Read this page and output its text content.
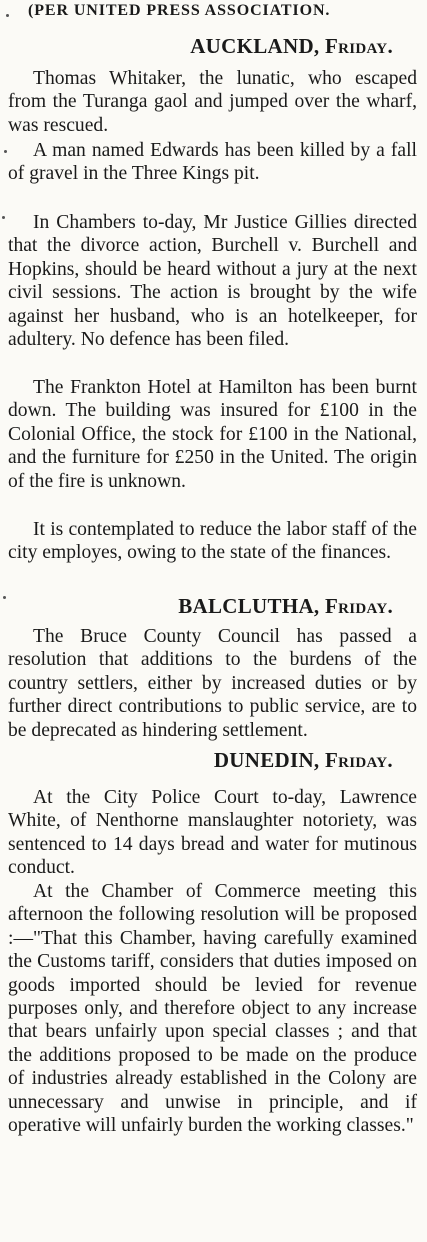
(PER UNITED PRESS ASSOCIATION.
AUCKLAND, Friday.

Thomas Whitaker, the lunatic, who escaped from the Turanga gaol and jumped over the wharf, was rescued.

A man named Edwards has been killed by a fall of gravel in the Three Kings pit.

In Chambers to-day, Mr Justice Gillies directed that the divorce action, Burchell v. Burchell and Hopkins, should be heard without a jury at the next civil sessions. The action is brought by the wife against her husband, who is an hotelkeeper, for adultery. No defence has been filed.

The Frankton Hotel at Hamilton has been burnt down. The building was insured for £100 in the Colonial Office, the stock for £100 in the National, and the furniture for £250 in the United. The origin of the fire is unknown.

It is contemplated to reduce the labor staff of the city employes, owing to the state of the finances.

BALCLUTHA, Friday.

The Bruce County Council has passed a resolution that additions to the burdens of the country settlers, either by increased duties or by further direct contributions to public service, are to be deprecated as hindering settlement.

DUNEDIN, Friday.

At the City Police Court to-day, Lawrence White, of Nenthorne manslaughter notoriety, was sentenced to 14 days bread and water for mutinous conduct.

At the Chamber of Commerce meeting this afternoon the following resolution will be proposed :—"That this Chamber, having carefully examined the Customs tariff, considers that duties imposed on goods imported should be levied for revenue purposes only, and therefore object to any increase that bears unfairly upon special classes ; and that the additions proposed to be made on the produce of industries already established in the Colony are unnecessary and unwise in principle, and if operative will unfairly burden the working classes."
